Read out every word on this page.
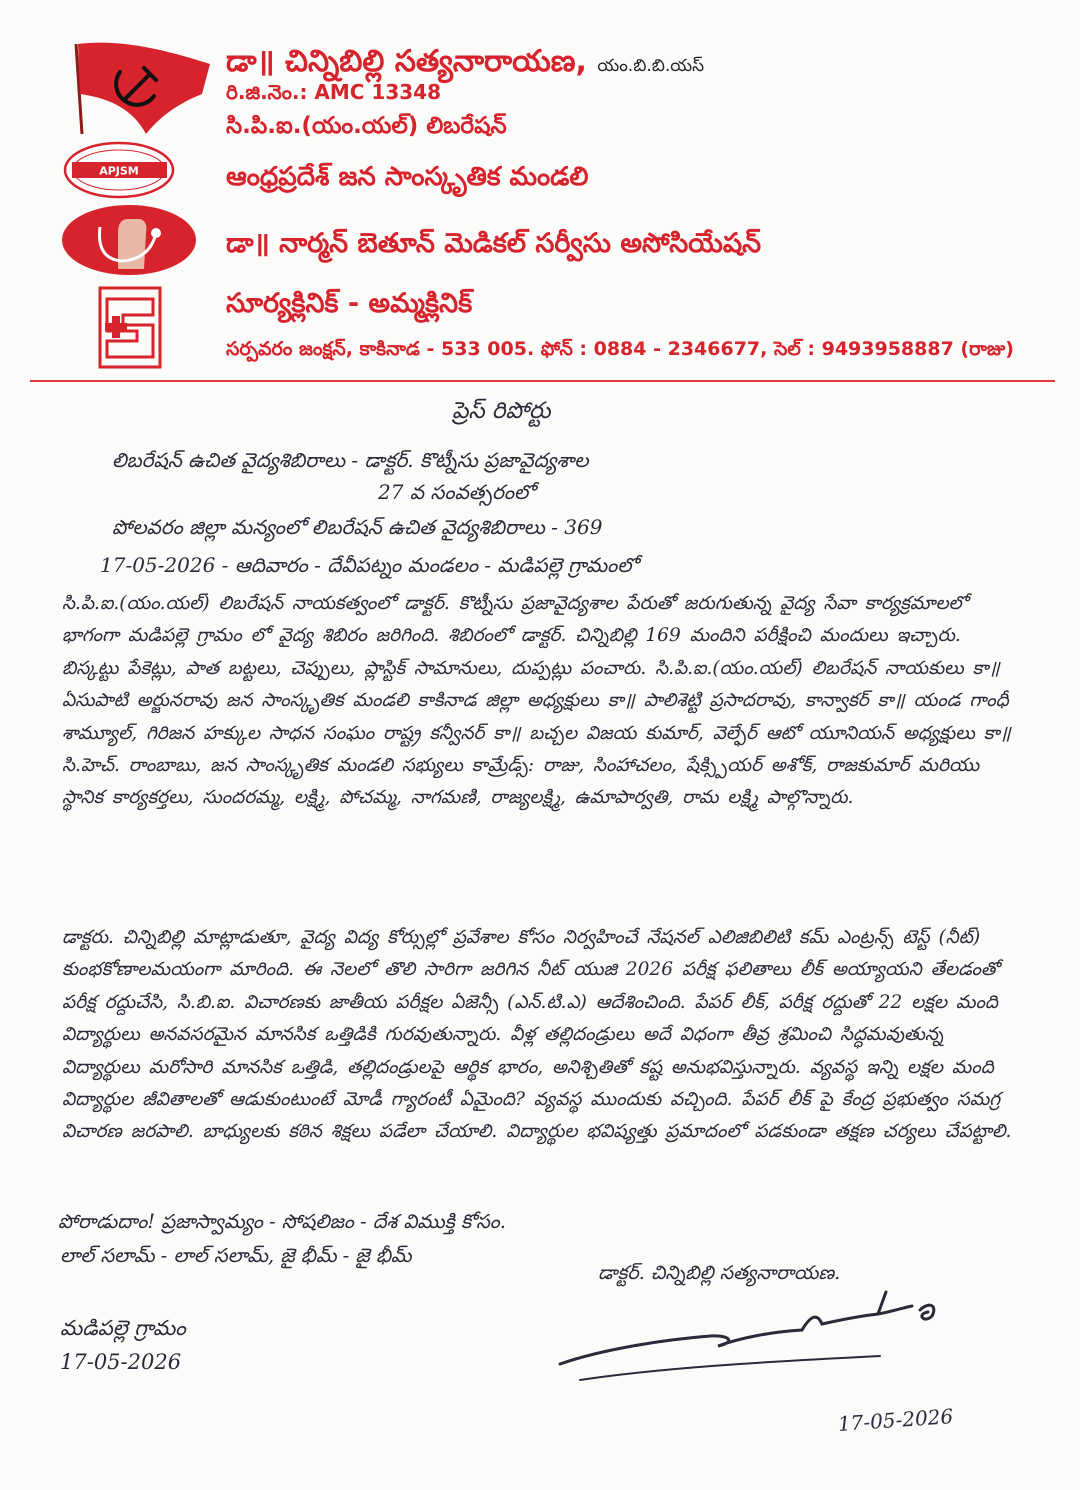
APJSM
డా॥ చిన్నిబిల్లి సత్యనారాయణ, యం.బి.బి.యస్
రి.జి.నెం.: AMC 13348
సి.పి.ఐ.(యం.యల్) లిబరేషన్
ఆంధ్రప్రదేశ్ జన సాంస్కృతిక మండలి
డా॥ నార్మన్ బెతూన్ మెడికల్ సర్వీసు అసోసియేషన్
సూర్యక్లినిక్ - అమ్మక్లినిక్
సర్పవరం జంక్షన్, కాకినాడ - 533 005. ఫోన్ : 0884 - 2346677, సెల్ : 9493958887 (రాజు)
ప్రెస్ రిపోర్టు
లిబరేషన్ ఉచిత వైద్యశిబిరాలు - డాక్టర్. కొట్నీసు ప్రజావైద్యశాల
27 వ సంవత్సరంలో
పోలవరం జిల్లా మన్యంలో లిబరేషన్ ఉచిత వైద్యశిబిరాలు - 369
17-05-2026 - ఆదివారం - దేవీపట్నం మండలం - మడిపల్లె గ్రామంలో
సి.పి.ఐ.(యం.యల్) లిబరేషన్ నాయకత్వంలో డాక్టర్. కొట్నీసు ప్రజావైద్యశాల పేరుతో జరుగుతున్న వైద్య సేవా కార్యక్రమాలలో భాగంగా మడిపల్లె గ్రామం లో వైద్య శిబిరం జరిగింది. శిబిరంలో డాక్టర్. చిన్నిబిల్లి 169 మందిని పరీక్షించి మందులు ఇచ్చారు. బిస్కట్టు పేకెట్లు, పాత బట్టలు, చెప్పులు, ప్లాస్టిక్ సామానులు, దుప్పట్లు పంచారు. సి.పి.ఐ.(యం.యల్) లిబరేషన్ నాయకులు కా॥ ఏసుపాటి అర్జునరావు జన సాంస్కృతిక మండలి కాకినాడ జిల్లా అధ్యక్షులు కా॥ పాలిశెట్టి ప్రసాదరావు, కాన్వాకర్ కా॥ యండ గాంధీ శామ్యూల్, గిరిజన హక్కుల సాధన సంఘం రాష్ట్ర కన్వీనర్ కా॥ బచ్చల విజయ కుమార్, వెల్ఫేర్ ఆటో యూనియన్ అధ్యక్షులు కా॥ సి.హెచ్. రాంబాబు, జన సాంస్కృతిక మండలి సభ్యులు కామ్రేడ్స్: రాజు, సింహాచలం, షేక్స్పియర్ అశోక్, రాజకుమార్ మరియు స్థానిక కార్యకర్తలు, సుందరమ్మ, లక్ష్మి, పోచమ్మ, నాగమణి, రాజ్యలక్ష్మి, ఉమాపార్వతి, రామ లక్ష్మి పాల్గొన్నారు.
డాక్టరు. చిన్నిబిల్లి మాట్లాడుతూ, వైద్య విద్య కోర్సుల్లో ప్రవేశాల కోసం నిర్వహించే నేషనల్ ఎలిజిబిలిటి కమ్ ఎంట్రన్స్ టెస్ట్ (నీట్) కుంభకోణాలమయంగా మారింది. ఈ నెలలో తొలి సారిగా జరిగిన నీట్ యుజి 2026 పరీక్ష ఫలితాలు లీక్ అయ్యాయని తేలడంతో పరీక్ష రద్దుచేసి, సి.బి.ఐ. విచారణకు జాతీయ పరీక్షల ఏజెన్సీ (ఎన్.టి.ఎ) ఆదేశించింది. పేపర్ లీక్, పరీక్ష రద్దుతో 22 లక్షల మంది విద్యార్థులు అనవసరమైన మానసిక ఒత్తిడికి గురవుతున్నారు. వీళ్ల తల్లిదండ్రులు అదే విధంగా తీవ్ర శ్రమించి సిద్ధమవుతున్న విద్యార్థులు మరోసారి మానసిక ఒత్తిడి, తల్లిదండ్రులపై ఆర్థిక భారం, అనిశ్చితితో కష్ట అనుభవిస్తున్నారు. వ్యవస్థ ఇన్ని లక్షల మంది విద్యార్థుల జీవితాలతో ఆడుకుంటుంటే మోడీ గ్యారంటీ ఏమైంది? వ్యవస్థ ముందుకు వచ్చింది. పేపర్ లీక్ పై కేంద్ర ప్రభుత్వం సమగ్ర విచారణ జరపాలి. బాధ్యులకు కఠిన శిక్షలు పడేలా చేయాలి. విద్యార్థుల భవిష్యత్తు ప్రమాదంలో పడకుండా తక్షణ చర్యలు చేపట్టాలి.
పోరాడుదాం! ప్రజాస్వామ్యం - సోషలిజం - దేశ విముక్తి కోసం.
లాల్ సలామ్ - లాల్ సలామ్, జై భీమ్ - జై భీమ్
డాక్టర్. చిన్నిబిల్లి సత్యనారాయణ.
మడిపల్లె గ్రామం
17-05-2026
17-05-2026
